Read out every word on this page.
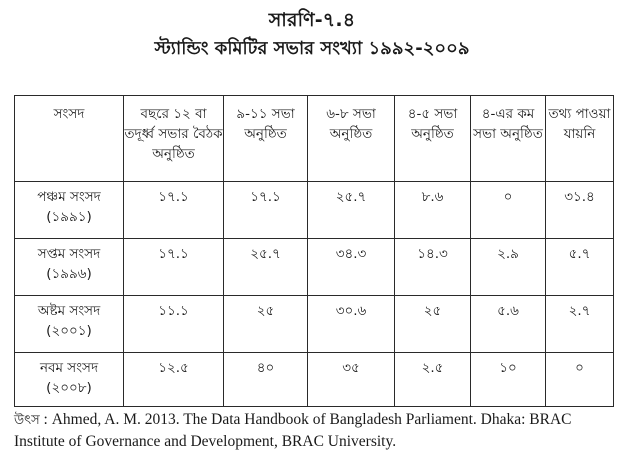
সারণি-৭.৪
স্ট্যান্ডিং কমিটির সভার সংখ্যা ১৯৯২-২০০৯
সংসদ	বছরে ১২ বা তদূর্ধ্ব সভার বৈঠক অনুষ্ঠিত	৯-১১ সভা অনুষ্ঠিত	৬-৮ সভা অনুষ্ঠিত	৪-৫ সভা অনুষ্ঠিত	৪-এর কম সভা অনুষ্ঠিত	তথ্য পাওয়া যায়নি

পঞ্চম সংসদ
(১৯৯১)	১৭.১	১৭.১	২৫.৭	৮.৬	০	৩১.৪

সপ্তম সংসদ
(১৯৯৬)	১৭.১	২৫.৭	৩৪.৩	১৪.৩	২.৯	৫.৭

অষ্টম সংসদ
(২০০১)	১১.১	২৫	৩০.৬	২৫	৫.৬	২.৭

নবম সংসদ
(২০০৮)	১২.৫	৪০	৩৫	২.৫	১০	০
উৎস : Ahmed, A. M. 2013. The Data Handbook of Bangladesh Parliament. Dhaka: BRAC Institute of Governance and Development, BRAC University.
